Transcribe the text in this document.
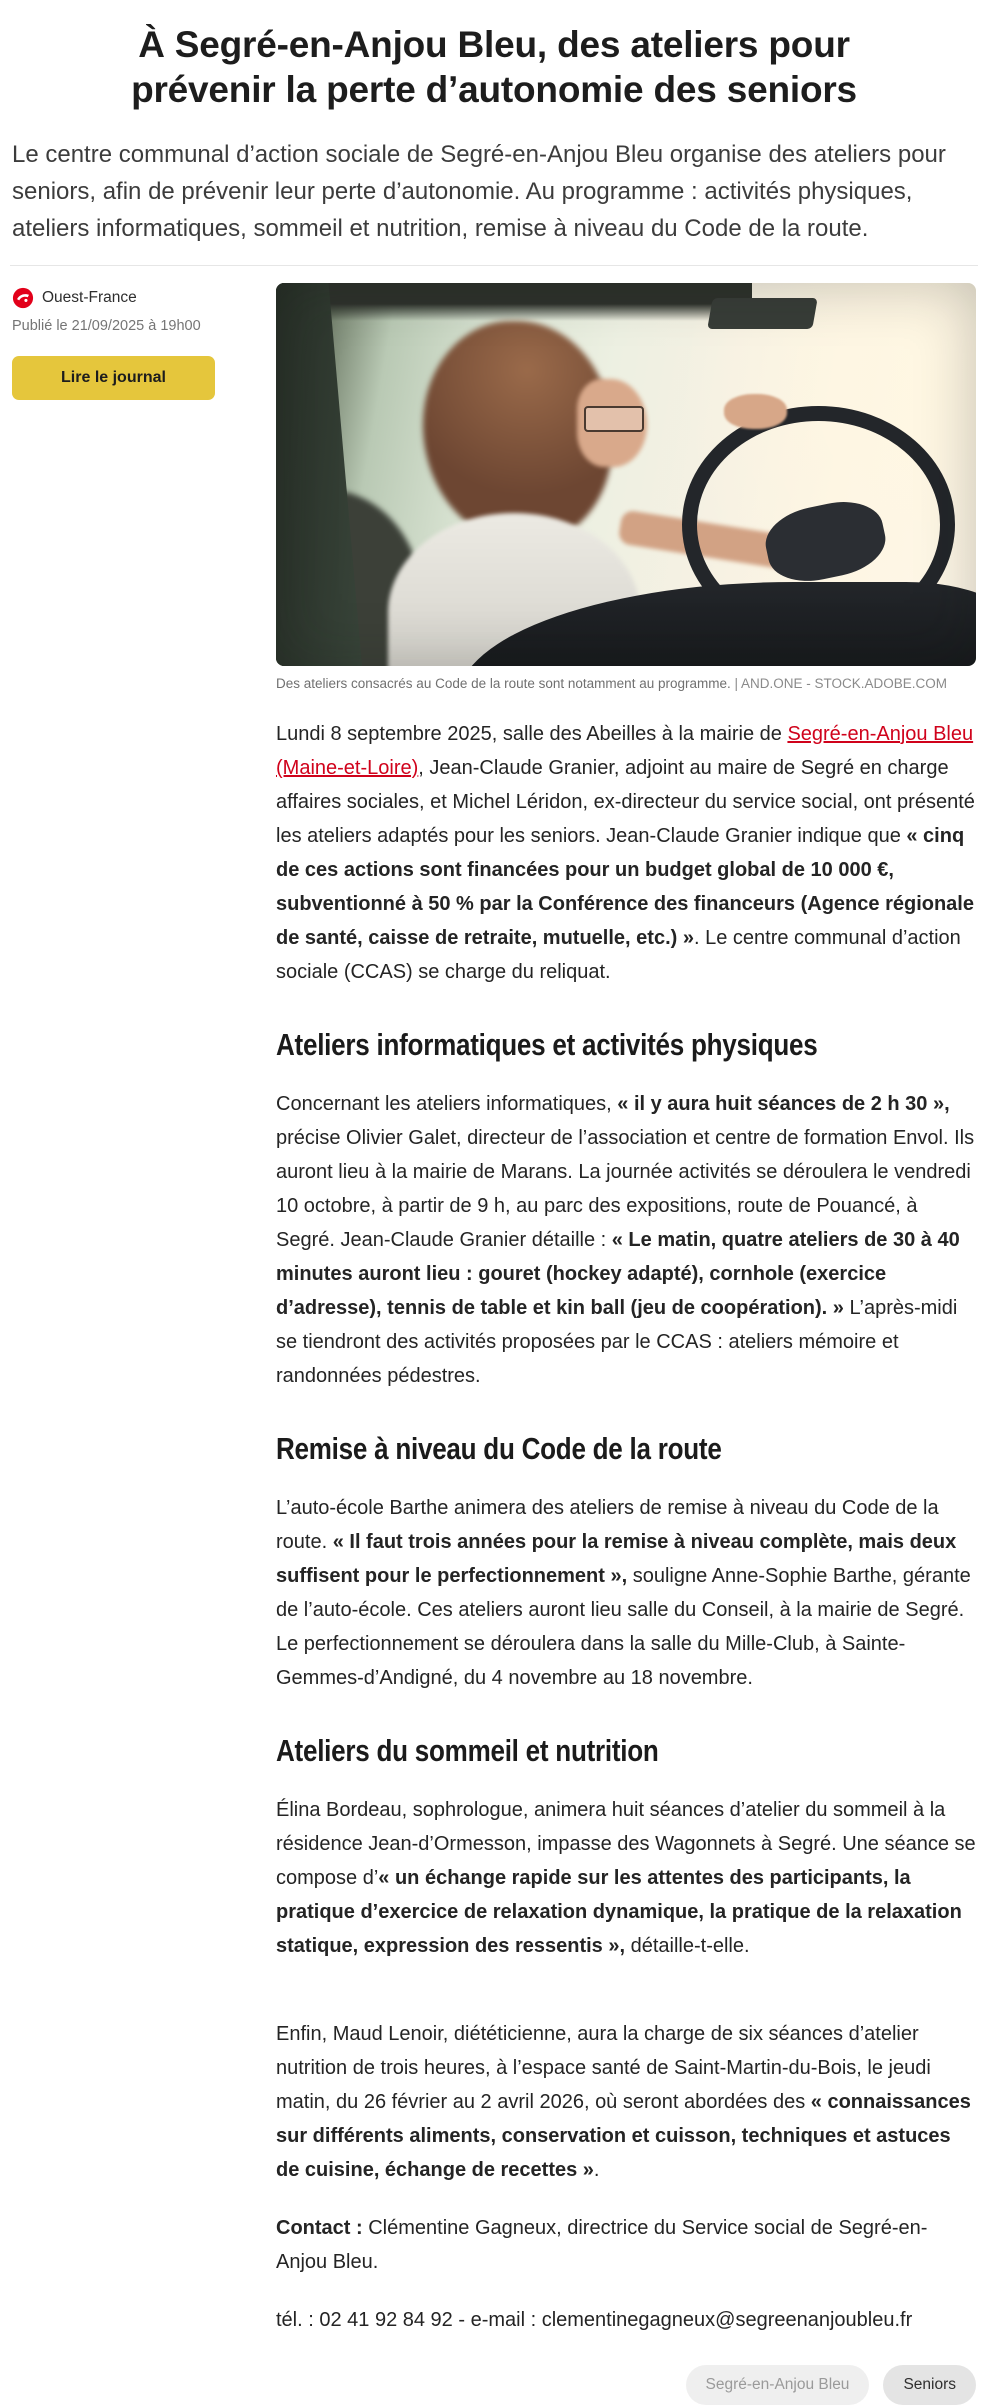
À Segré-en-Anjou Bleu, des ateliers pour prévenir la perte d’autonomie des seniors

Le centre communal d’action sociale de Segré-en-Anjou Bleu organise des ateliers pour seniors, afin de prévenir leur perte d’autonomie. Au programme : activités physiques, ateliers informatiques, sommeil et nutrition, remise à niveau du Code de la route.

Ouest-France
Publié le 21/09/2025 à 19h00
Lire le journal
Des ateliers consacrés au Code de la route sont notamment au programme. | AND.ONE - STOCK.ADOBE.COM

Lundi 8 septembre 2025, salle des Abeilles à la mairie de Segré-en-Anjou Bleu (Maine-et-Loire), Jean-Claude Granier, adjoint au maire de Segré en charge affaires sociales, et Michel Léridon, ex-directeur du service social, ont présenté les ateliers adaptés pour les seniors. Jean-Claude Granier indique que « cinq de ces actions sont financées pour un budget global de 10 000 €, subventionné à 50 % par la Conférence des financeurs (Agence régionale de santé, caisse de retraite, mutuelle, etc.) ». Le centre communal d’action sociale (CCAS) se charge du reliquat.

Ateliers informatiques et activités physiques

Concernant les ateliers informatiques, « il y aura huit séances de 2 h 30 », précise Olivier Galet, directeur de l’association et centre de formation Envol. Ils auront lieu à la mairie de Marans. La journée activités se déroulera le vendredi 10 octobre, à partir de 9 h, au parc des expositions, route de Pouancé, à Segré. Jean-Claude Granier détaille : « Le matin, quatre ateliers de 30 à 40 minutes auront lieu : gouret (hockey adapté), cornhole (exercice d’adresse), tennis de table et kin ball (jeu de coopération). » L’après-midi se tiendront des activités proposées par le CCAS : ateliers mémoire et randonnées pédestres.

Remise à niveau du Code de la route

L’auto-école Barthe animera des ateliers de remise à niveau du Code de la route. « Il faut trois années pour la remise à niveau complète, mais deux suffisent pour le perfectionnement », souligne Anne-Sophie Barthe, gérante de l’auto-école. Ces ateliers auront lieu salle du Conseil, à la mairie de Segré. Le perfectionnement se déroulera dans la salle du Mille-Club, à Sainte-Gemmes-d’Andigné, du 4 novembre au 18 novembre.

Ateliers du sommeil et nutrition

Élina Bordeau, sophrologue, animera huit séances d’atelier du sommeil à la résidence Jean-d’Ormesson, impasse des Wagonnets à Segré. Une séance se compose d’« un échange rapide sur les attentes des participants, la pratique d’exercice de relaxation dynamique, la pratique de la relaxation statique, expression des ressentis », détaille-t-elle.

Enfin, Maud Lenoir, diététicienne, aura la charge de six séances d’atelier nutrition de trois heures, à l’espace santé de Saint-Martin-du-Bois, le jeudi matin, du 26 février au 2 avril 2026, où seront abordées des « connaissances sur différents aliments, conservation et cuisson, techniques et astuces de cuisine, échange de recettes ».

Contact : Clémentine Gagneux, directrice du Service social de Segré-en-Anjou Bleu.

tél. : 02 41 92 84 92 - e-mail : clementinegagneux@segreenanjoubleu.fr

Segré-en-Anjou Bleu	Seniors
